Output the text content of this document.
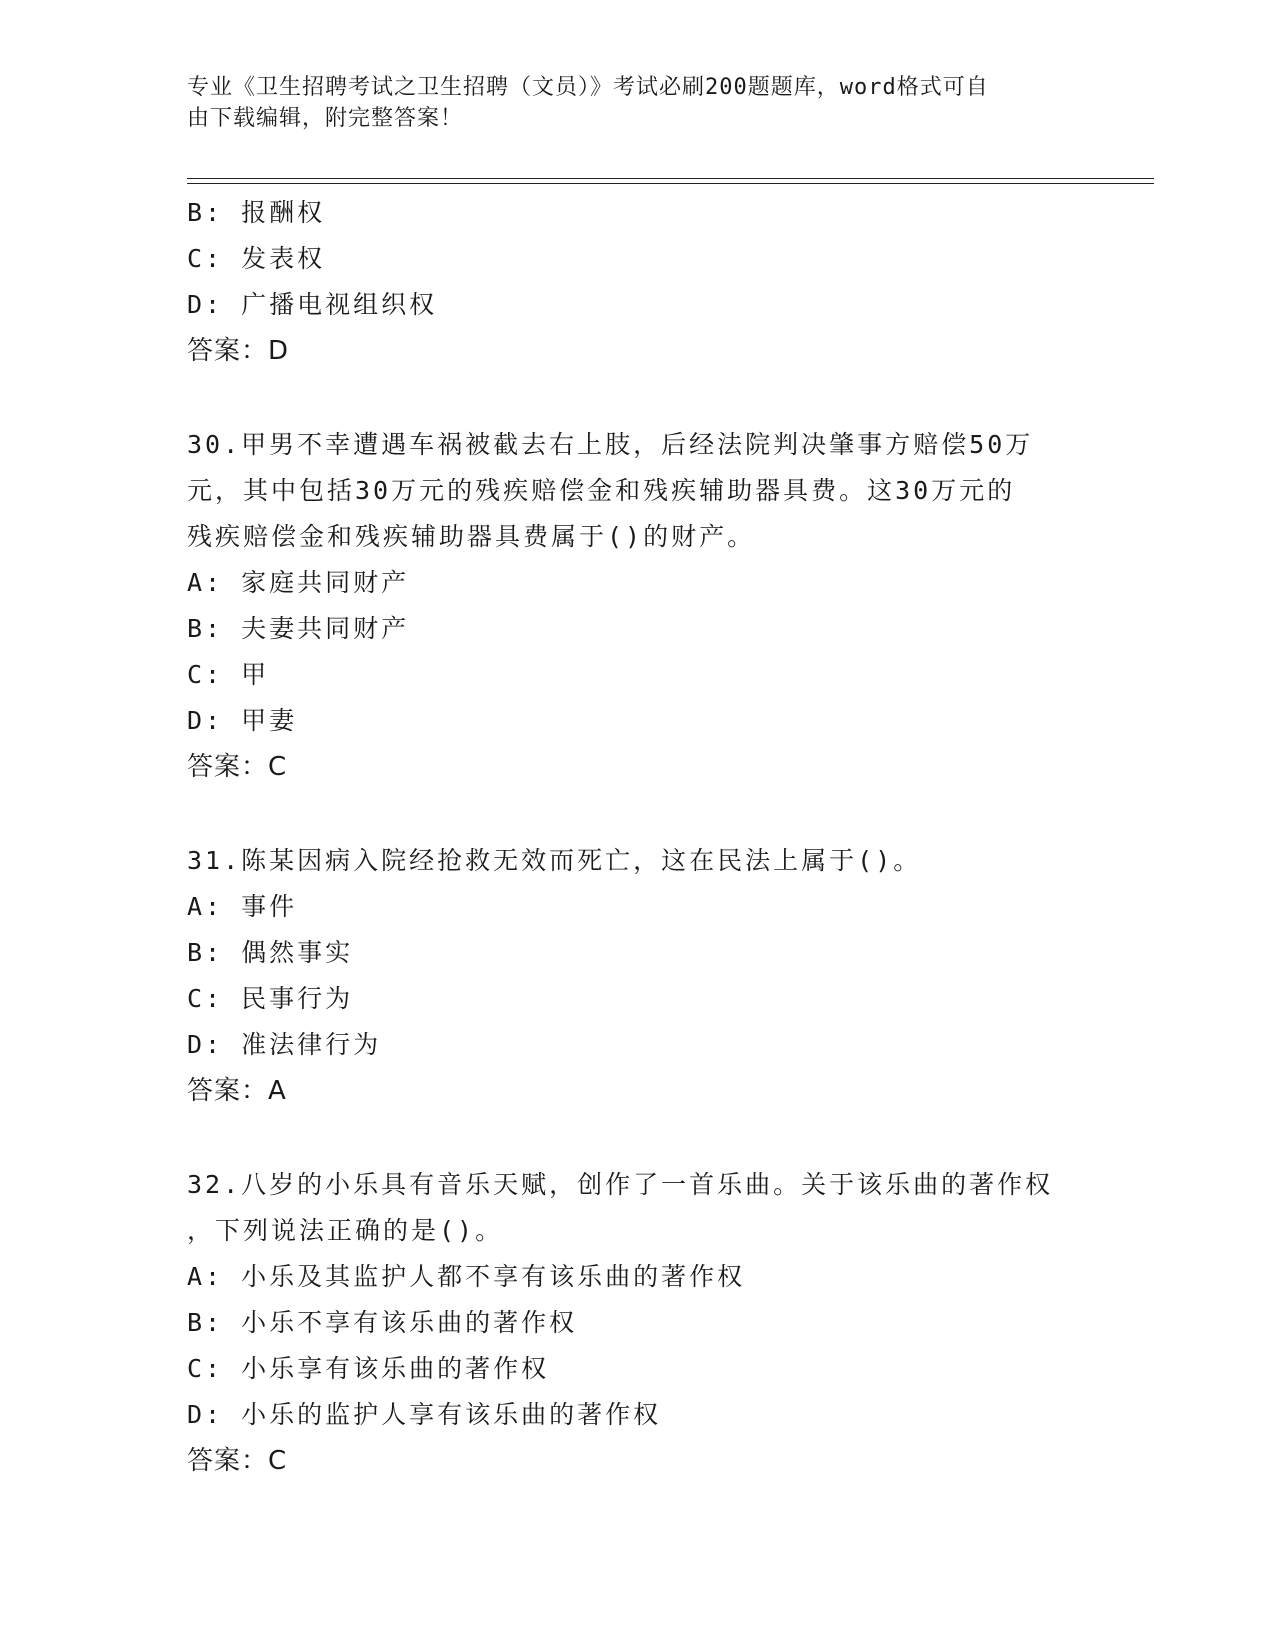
专业《卫生招聘考试之卫生招聘（文员）》考试必刷200题题库，word格式可自
由下载编辑，附完整答案！
B: 报酬权
C: 发表权
D: 广播电视组织权
答案：D
30.甲男不幸遭遇车祸被截去右上肢，后经法院判决肇事方赔偿50万
元，其中包括30万元的残疾赔偿金和残疾辅助器具费。这30万元的
残疾赔偿金和残疾辅助器具费属于()的财产。
A: 家庭共同财产
B: 夫妻共同财产
C: 甲
D: 甲妻
答案：C
31.陈某因病入院经抢救无效而死亡，这在民法上属于()。
A: 事件
B: 偶然事实
C: 民事行为
D: 准法律行为
答案：A
32.八岁的小乐具有音乐天赋，创作了一首乐曲。关于该乐曲的著作权
，下列说法正确的是()。
A: 小乐及其监护人都不享有该乐曲的著作权
B: 小乐不享有该乐曲的著作权
C: 小乐享有该乐曲的著作权
D: 小乐的监护人享有该乐曲的著作权
答案：C
